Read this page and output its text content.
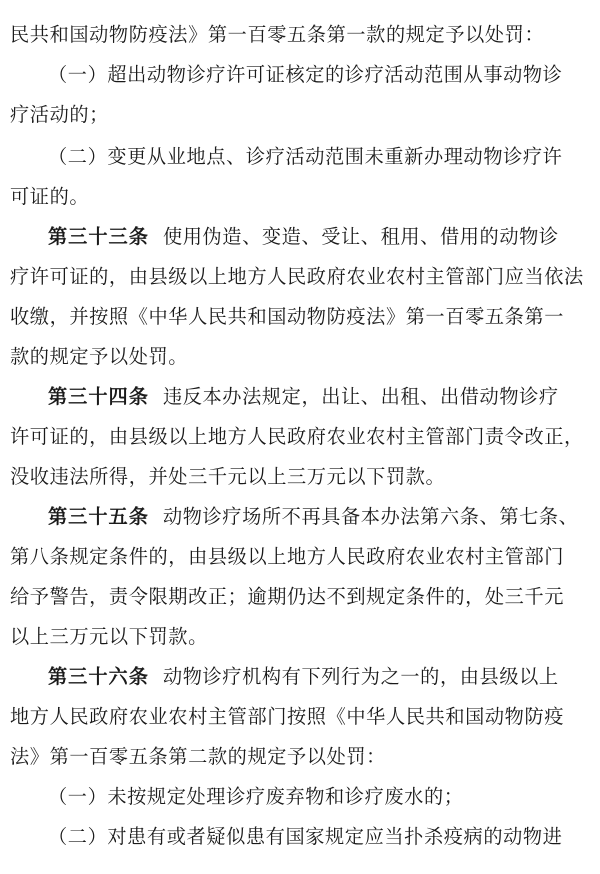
民共和国动物防疫法》第一百零五条第一款的规定予以处罚：
（一）超出动物诊疗许可证核定的诊疗活动范围从事动物诊
疗活动的；
（二）变更从业地点、诊疗活动范围未重新办理动物诊疗许
可证的。
第三十三条 使用伪造、变造、受让、租用、借用的动物诊
疗许可证的，由县级以上地方人民政府农业农村主管部门应当依法
收缴，并按照《中华人民共和国动物防疫法》第一百零五条第一
款的规定予以处罚。
第三十四条 违反本办法规定，出让、出租、出借动物诊疗
许可证的，由县级以上地方人民政府农业农村主管部门责令改正，
没收违法所得，并处三千元以上三万元以下罚款。
第三十五条 动物诊疗场所不再具备本办法第六条、第七条、
第八条规定条件的，由县级以上地方人民政府农业农村主管部门
给予警告，责令限期改正；逾期仍达不到规定条件的，处三千元
以上三万元以下罚款。
第三十六条 动物诊疗机构有下列行为之一的，由县级以上
地方人民政府农业农村主管部门按照《中华人民共和国动物防疫
法》第一百零五条第二款的规定予以处罚：
（一）未按规定处理诊疗废弃物和诊疗废水的；
（二）对患有或者疑似患有国家规定应当扑杀疫病的动物进
